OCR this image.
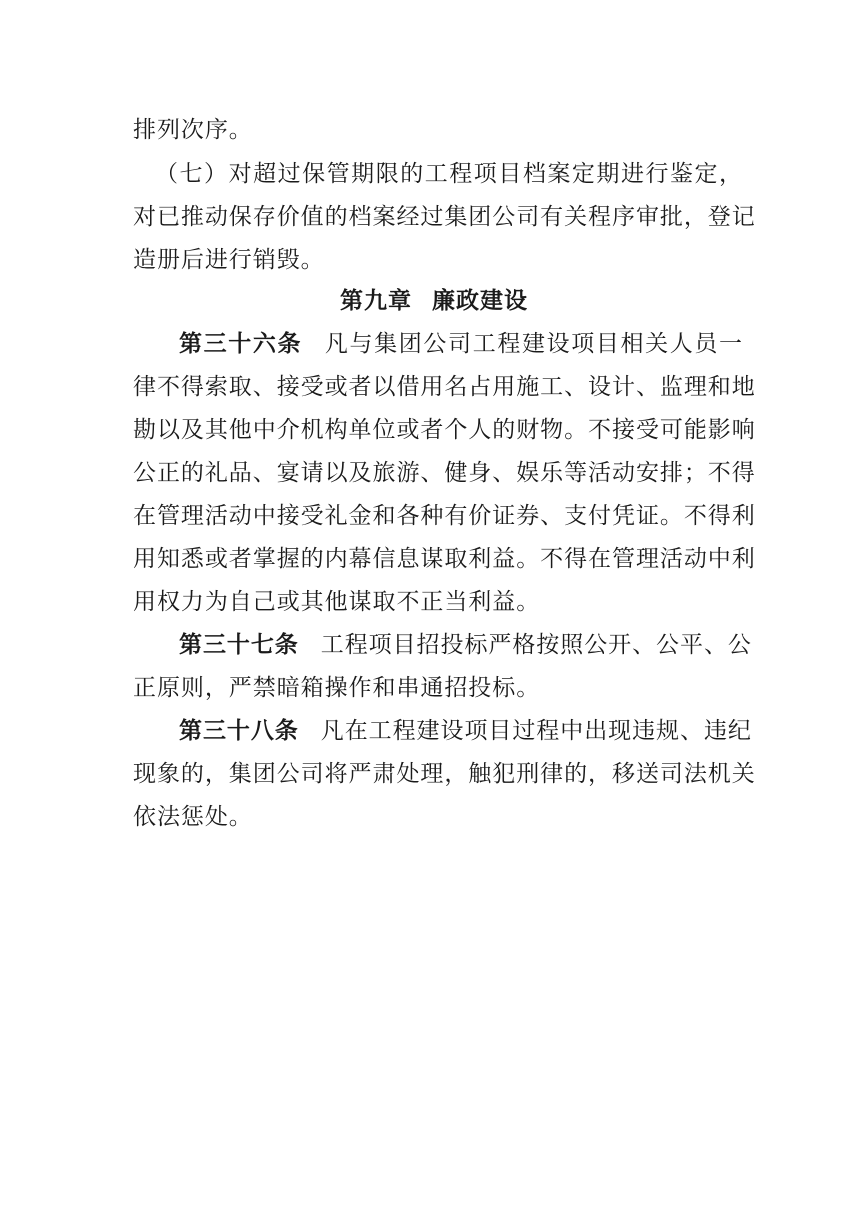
排列次序。
（七）对超过保管期限的工程项目档案定期进行鉴定，
对已推动保存价值的档案经过集团公司有关程序审批，登记
造册后进行销毁。
第九章 廉政建设
第三十六条 凡与集团公司工程建设项目相关人员一
律不得索取、接受或者以借用名占用施工、设计、监理和地
勘以及其他中介机构单位或者个人的财物。不接受可能影响
公正的礼品、宴请以及旅游、健身、娱乐等活动安排；不得
在管理活动中接受礼金和各种有价证券、支付凭证。不得利
用知悉或者掌握的内幕信息谋取利益。不得在管理活动中利
用权力为自己或其他谋取不正当利益。
第三十七条 工程项目招投标严格按照公开、公平、公
正原则，严禁暗箱操作和串通招投标。
第三十八条 凡在工程建设项目过程中出现违规、违纪
现象的，集团公司将严肃处理，触犯刑律的，移送司法机关
依法惩处。
